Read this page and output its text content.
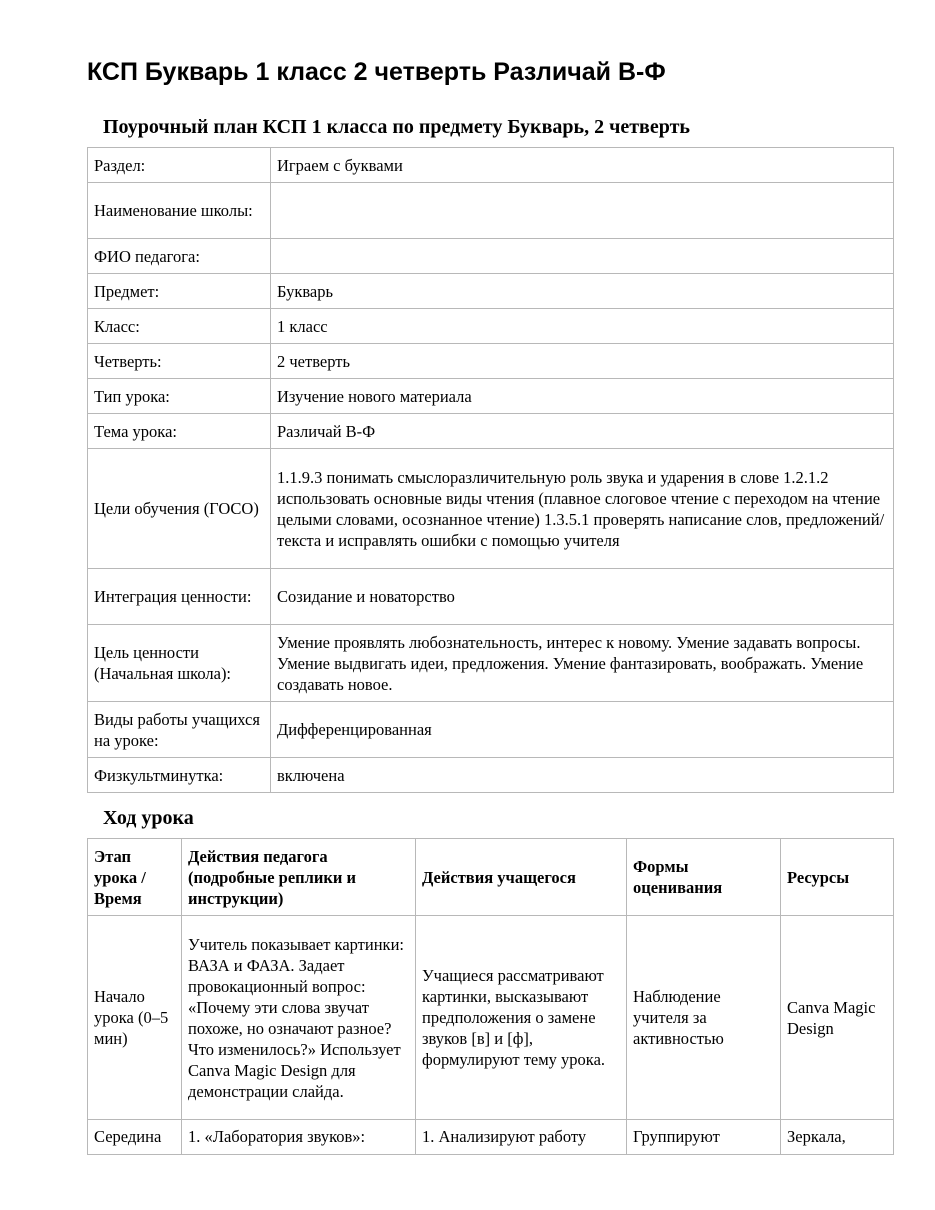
КСП Букварь 1 класс 2 четверть Различай В-Ф
Поурочный план КСП 1 класса по предмету Букварь, 2 четверть
Раздел:	Играем с буквами
Наименование школы:	
ФИО педагога:	
Предмет:	Букварь
Класс:	1 класс
Четверть:	2 четверть
Тип урока:	Изучение нового материала
Тема урока:	Различай В-Ф
Цели обучения (ГОСО)	1.1.9.3 понимать смыслоразличительную роль звука и ударения в слове 1.2.1.2 использовать основные виды чтения (плавное слоговое чтение с переходом на чтение целыми словами, осознанное чтение) 1.3.5.1 проверять написание слов, предложений/ текста и исправлять ошибки с помощью учителя
Интеграция ценности:	Созидание и новаторство
Цель ценности (Начальная школа):	Умение проявлять любознательность, интерес к новому. Умение задавать вопросы. Умение выдвигать идеи, предложения. Умение фантазировать, воображать. Умение создавать новое.
Виды работы учащихся на уроке:	Дифференцированная
Физкультминутка:	включена
Ход урока
Этап урока / Время	Действия педагога (подробные реплики и инструкции)	Действия учащегося	Формы оценивания	Ресурсы
Начало урока (0–5 мин)	Учитель показывает картинки: ВАЗА и ФАЗА. Задает провокационный вопрос: «Почему эти слова звучат похоже, но означают разное? Что изменилось?» Использует Canva Magic Design для демонстрации слайда.	Учащиеся рассматривают картинки, высказывают предположения о замене звуков [в] и [ф], формулируют тему урока.	Наблюдение учителя за активностью	Canva Magic Design
Середина	1. «Лаборатория звуков»:	1. Анализируют работу	Группируют	Зеркала,
